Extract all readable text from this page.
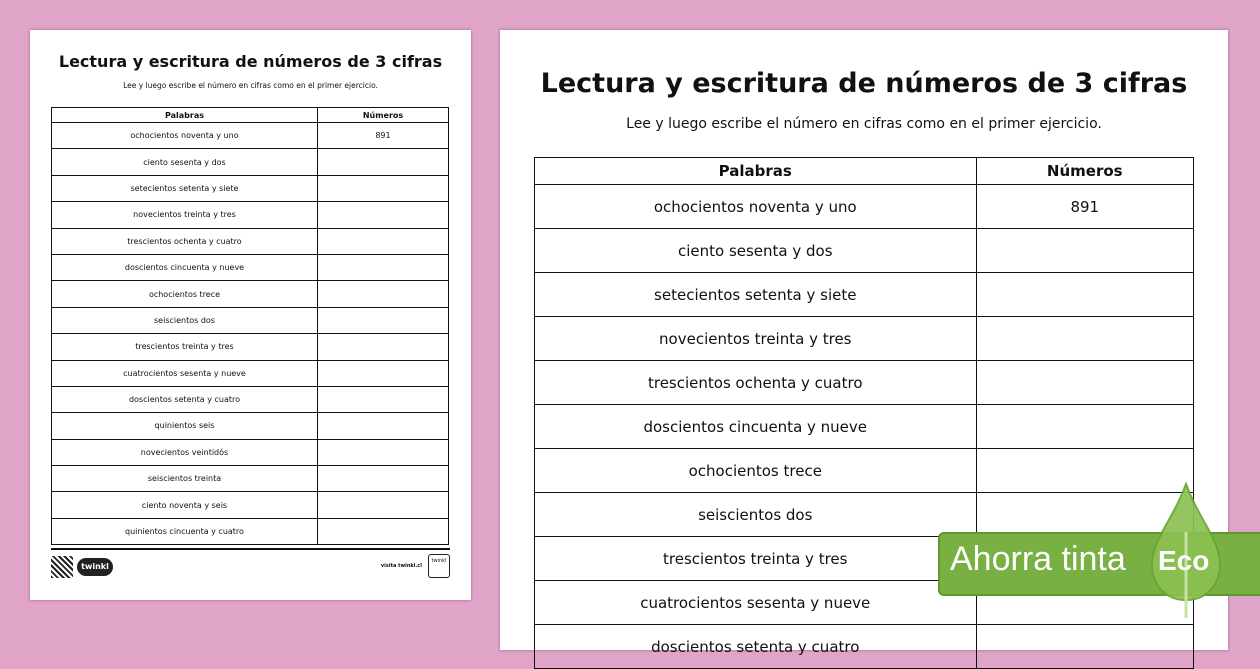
Lectura y escritura de números de 3 cifras
Lee y luego escribe el número en cifras como en el primer ejercicio.
Palabras	Números
ochocientos noventa y uno	891
ciento sesenta y dos	
setecientos setenta y siete	
novecientos treinta y tres	
trescientos ochenta y cuatro	
doscientos cincuenta y nueve	
ochocientos trece	
seiscientos dos	
trescientos treinta y tres	
cuatrocientos sesenta y nueve	
doscientos setenta y cuatro	
quinientos seis	
novecientos veintidós	
seiscientos treinta	
ciento noventa y seis	
quinientos cincuenta y cuatro	
twinkl	visita twinkl.cl
twinkl
Lectura y escritura de números de 3 cifras
Lee y luego escribe el número en cifras como en el primer ejercicio.
Palabras	Números
ochocientos noventa y uno	891
ciento sesenta y dos	
setecientos setenta y siete	
novecientos treinta y tres	
trescientos ochenta y cuatro	
doscientos cincuenta y nueve	
ochocientos trece	
seiscientos dos	
trescientos treinta y tres	
cuatrocientos sesenta y nueve	
doscientos setenta y cuatro	
Ahorra tinta Eco
